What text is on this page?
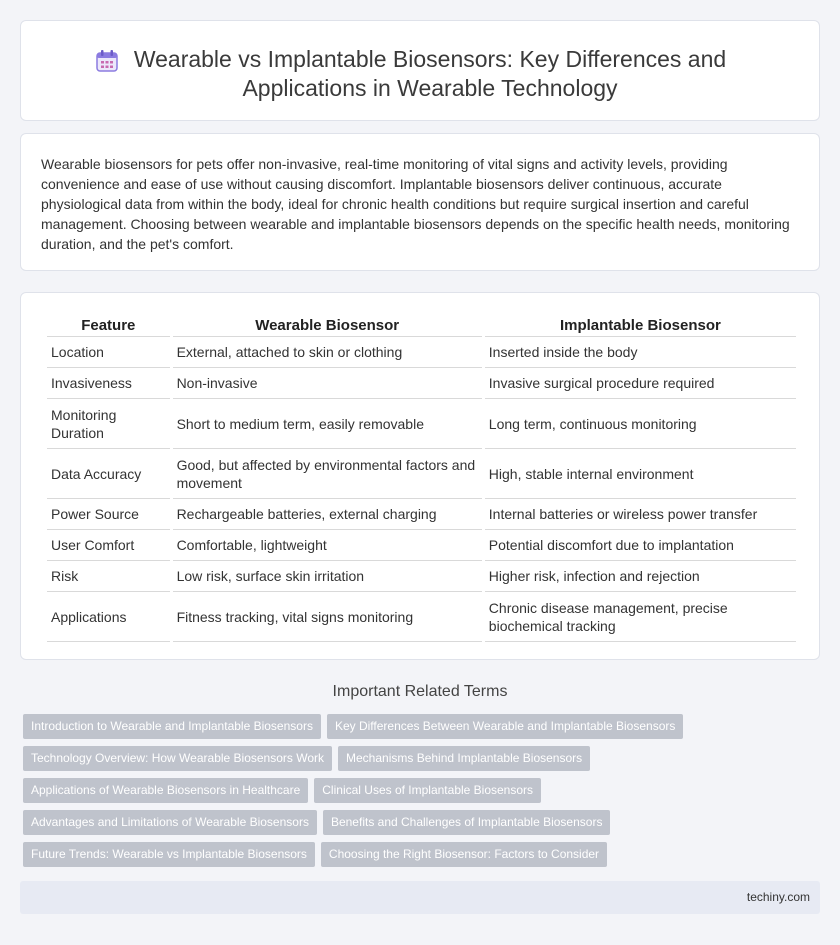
Wearable vs Implantable Biosensors: Key Differences and
Applications in Wearable Technology

Wearable biosensors for pets offer non-invasive, real-time monitoring of vital signs and activity levels, providing convenience and ease of use without causing discomfort. Implantable biosensors deliver continuous, accurate physiological data from within the body, ideal for chronic health conditions but require surgical insertion and careful management. Choosing between wearable and implantable biosensors depends on the specific health needs, monitoring duration, and the pet's comfort.

Feature	Wearable Biosensor	Implantable Biosensor
Location	External, attached to skin or clothing	Inserted inside the body
Invasiveness	Non-invasive	Invasive surgical procedure required
Monitoring Duration	Short to medium term, easily removable	Long term, continuous monitoring
Data Accuracy	Good, but affected by environmental factors and movement	High, stable internal environment
Power Source	Rechargeable batteries, external charging	Internal batteries or wireless power transfer
User Comfort	Comfortable, lightweight	Potential discomfort due to implantation
Risk	Low risk, surface skin irritation	Higher risk, infection and rejection
Applications	Fitness tracking, vital signs monitoring	Chronic disease management, precise biochemical tracking
Important Related Terms
Introduction to Wearable and Implantable Biosensors	Key Differences Between Wearable and Implantable Biosensors
Technology Overview: How Wearable Biosensors Work	Mechanisms Behind Implantable Biosensors
Applications of Wearable Biosensors in Healthcare	Clinical Uses of Implantable Biosensors
Advantages and Limitations of Wearable Biosensors	Benefits and Challenges of Implantable Biosensors
Future Trends: Wearable vs Implantable Biosensors	Choosing the Right Biosensor: Factors to Consider
techiny.com
